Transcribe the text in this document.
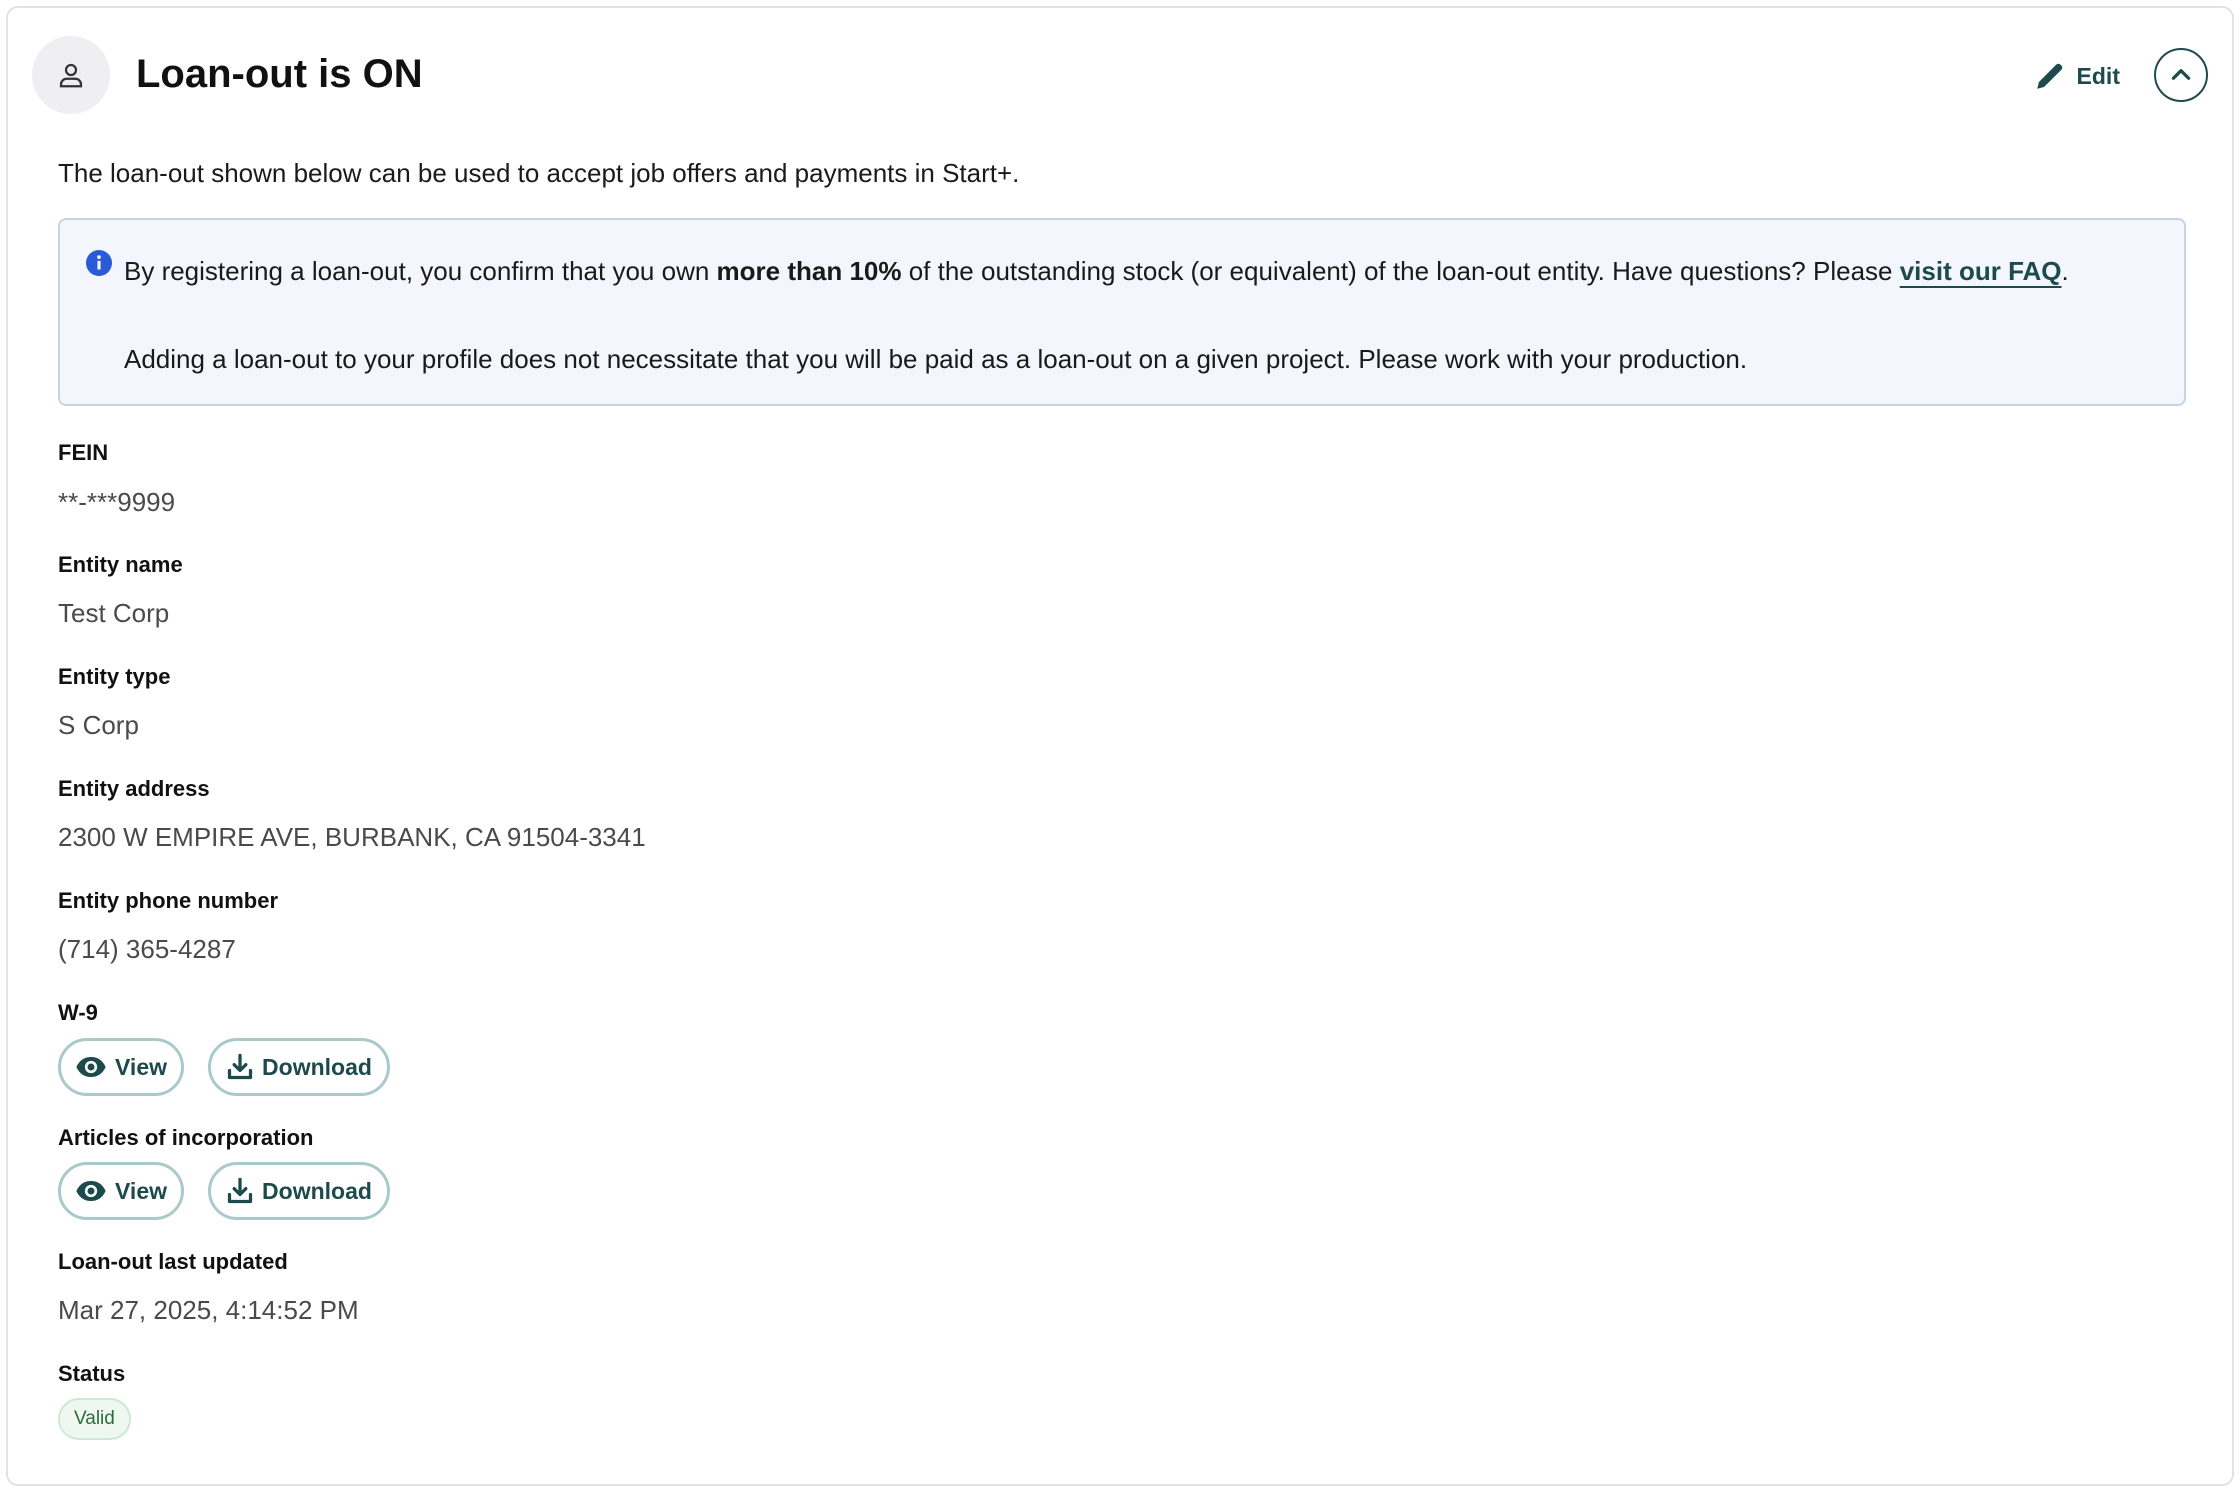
Loan-out is ON	Edit
The loan-out shown below can be used to accept job offers and payments in Start+.
By registering a loan-out, you confirm that you own more than 10% of the outstanding stock (or equivalent) of the loan-out entity. Have questions? Please visit our FAQ.
Adding a loan-out to your profile does not necessitate that you will be paid as a loan-out on a given project. Please work with your production.
FEIN
**-***9999
Entity name
Test Corp
Entity type
S Corp
Entity address
2300 W EMPIRE AVE, BURBANK, CA 91504-3341
Entity phone number
(714) 365-4287
W-9
View	Download
Articles of incorporation
View	Download
Loan-out last updated
Mar 27, 2025, 4:14:52 PM
Status
Valid
